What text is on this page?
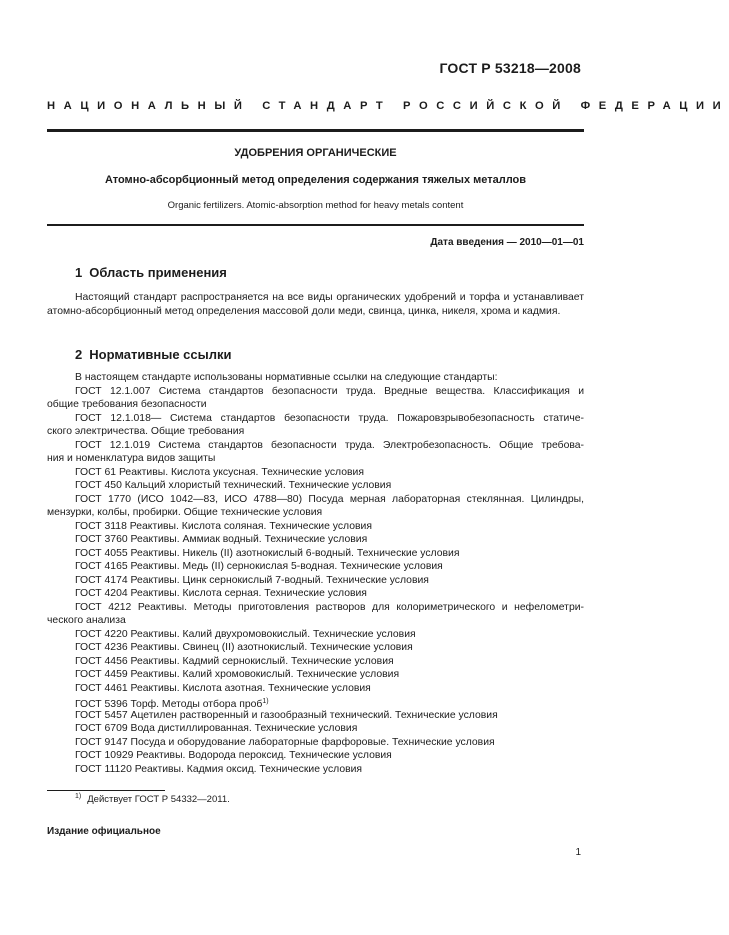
ГОСТ Р 53218—2008
НАЦИОНАЛЬНЫЙ СТАНДАРТ РОССИЙСКОЙ ФЕДЕРАЦИИ
УДОБРЕНИЯ ОРГАНИЧЕСКИЕ
Атомно-абсорбционный метод определения содержания тяжелых металлов
Organic fertilizers. Atomic-absorption method for heavy metals content
Дата введения — 2010—01—01
1 Область применения
Настоящий стандарт распространяется на все виды органических удобрений и торфа и устанавливает атомно-абсорбционный метод определения массовой доли меди, свинца, цинка, никеля, хрома и кадмия.
2 Нормативные ссылки
В настоящем стандарте использованы нормативные ссылки на следующие стандарты:
ГОСТ 12.1.007 Система стандартов безопасности труда. Вредные вещества. Классификация и
общие требования безопасности
ГОСТ 12.1.018— Система стандартов безопасности труда. Пожаровзрывобезопасность статиче-
ского электричества. Общие требования
ГОСТ 12.1.019 Система стандартов безопасности труда. Электробезопасность. Общие требова-
ния и номенклатура видов защиты
ГОСТ 61 Реактивы. Кислота уксусная. Технические условия
ГОСТ 450 Кальций хлористый технический. Технические условия
ГОСТ 1770 (ИСО 1042—83, ИСО 4788—80) Посуда мерная лабораторная стеклянная. Цилиндры,
мензурки, колбы, пробирки. Общие технические условия
ГОСТ 3118 Реактивы. Кислота соляная. Технические условия
ГОСТ 3760 Реактивы. Аммиак водный. Технические условия
ГОСТ 4055 Реактивы. Никель (II) азотнокислый 6-водный. Технические условия
ГОСТ 4165 Реактивы. Медь (II) сернокислая 5-водная. Технические условия
ГОСТ 4174 Реактивы. Цинк сернокислый 7-водный. Технические условия
ГОСТ 4204 Реактивы. Кислота серная. Технические условия
ГОСТ 4212 Реактивы. Методы приготовления растворов для колориметрического и нефелометри-
ческого анализа
ГОСТ 4220 Реактивы. Калий двухромовокислый. Технические условия
ГОСТ 4236 Реактивы. Свинец (II) азотнокислый. Технические условия
ГОСТ 4456 Реактивы. Кадмий сернокислый. Технические условия
ГОСТ 4459 Реактивы. Калий хромовокислый. Технические условия
ГОСТ 4461 Реактивы. Кислота азотная. Технические условия
ГОСТ 5396 Торф. Методы отбора проб$^{1)}$
ГОСТ 5457 Ацетилен растворенный и газообразный технический. Технические условия
ГОСТ 6709 Вода дистиллированная. Технические условия
ГОСТ 9147 Посуда и оборудование лабораторные фарфоровые. Технические условия
ГОСТ 10929 Реактивы. Водорода пероксид. Технические условия
ГОСТ 11120 Реактивы. Кадмия оксид. Технические условия
$^{1)}$ Действует ГОСТ Р 54332—2011.
Издание официальное
1
